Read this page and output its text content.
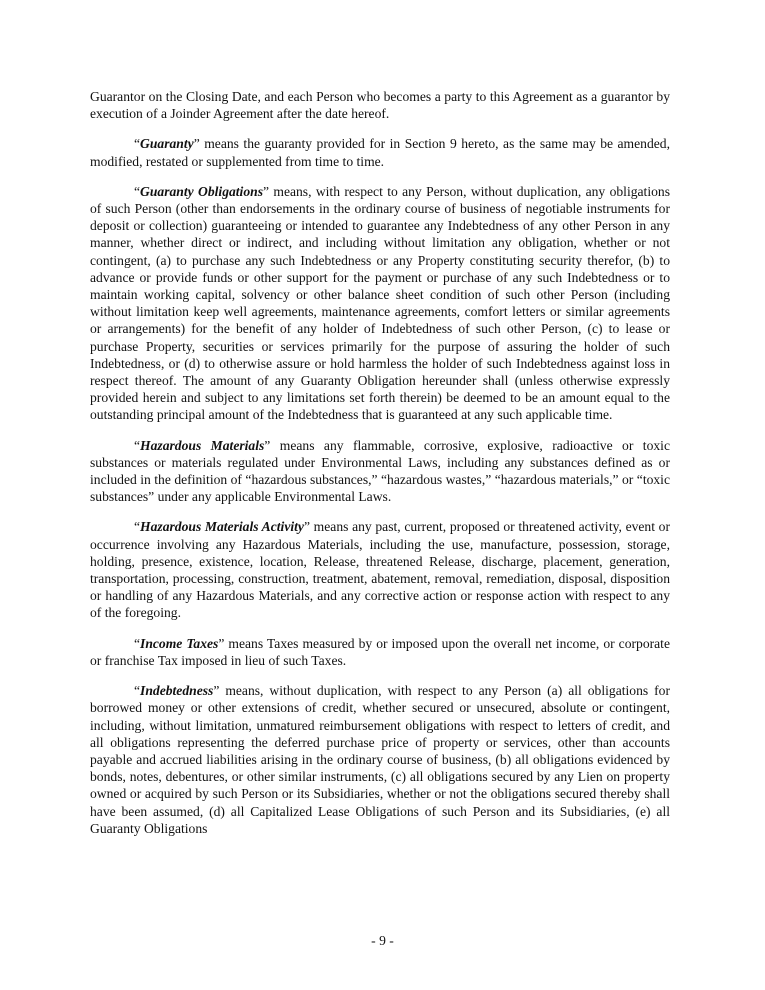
Guarantor on the Closing Date, and each Person who becomes a party to this Agreement as a guarantor by execution of a Joinder Agreement after the date hereof.

“Guaranty” means the guaranty provided for in Section 9 hereto, as the same may be amended, modified, restated or supplemented from time to time.

“Guaranty Obligations” means, with respect to any Person, without duplication, any obligations of such Person (other than endorsements in the ordinary course of business of negotiable instruments for deposit or collection) guaranteeing or intended to guarantee any Indebtedness of any other Person in any manner, whether direct or indirect, and including without limitation any obligation, whether or not contingent, (a) to purchase any such Indebtedness or any Property constituting security therefor, (b) to advance or provide funds or other support for the payment or purchase of any such Indebtedness or to maintain working capital, solvency or other balance sheet condition of such other Person (including without limitation keep well agreements, maintenance agreements, comfort letters or similar agreements or arrangements) for the benefit of any holder of Indebtedness of such other Person, (c) to lease or purchase Property, securities or services primarily for the purpose of assuring the holder of such Indebtedness, or (d) to otherwise assure or hold harmless the holder of such Indebtedness against loss in respect thereof. The amount of any Guaranty Obligation hereunder shall (unless otherwise expressly provided herein and subject to any limitations set forth therein) be deemed to be an amount equal to the outstanding principal amount of the Indebtedness that is guaranteed at any such applicable time.

“Hazardous Materials” means any flammable, corrosive, explosive, radioactive or toxic substances or materials regulated under Environmental Laws, including any substances defined as or included in the definition of “hazardous substances,” “hazardous wastes,” “hazardous materials,” or “toxic substances” under any applicable Environmental Laws.

“Hazardous Materials Activity” means any past, current, proposed or threatened activity, event or occurrence involving any Hazardous Materials, including the use, manufacture, possession, storage, holding, presence, existence, location, Release, threatened Release, discharge, placement, generation, transportation, processing, construction, treatment, abatement, removal, remediation, disposal, disposition or handling of any Hazardous Materials, and any corrective action or response action with respect to any of the foregoing.

“Income Taxes” means Taxes measured by or imposed upon the overall net income, or corporate or franchise Tax imposed in lieu of such Taxes.

“Indebtedness” means, without duplication, with respect to any Person (a) all obligations for borrowed money or other extensions of credit, whether secured or unsecured, absolute or contingent, including, without limitation, unmatured reimbursement obligations with respect to letters of credit, and all obligations representing the deferred purchase price of property or services, other than accounts payable and accrued liabilities arising in the ordinary course of business, (b) all obligations evidenced by bonds, notes, debentures, or other similar instruments, (c) all obligations secured by any Lien on property owned or acquired by such Person or its Subsidiaries, whether or not the obligations secured thereby shall have been assumed, (d) all Capitalized Lease Obligations of such Person and its Subsidiaries, (e) all Guaranty Obligations

- 9 -
